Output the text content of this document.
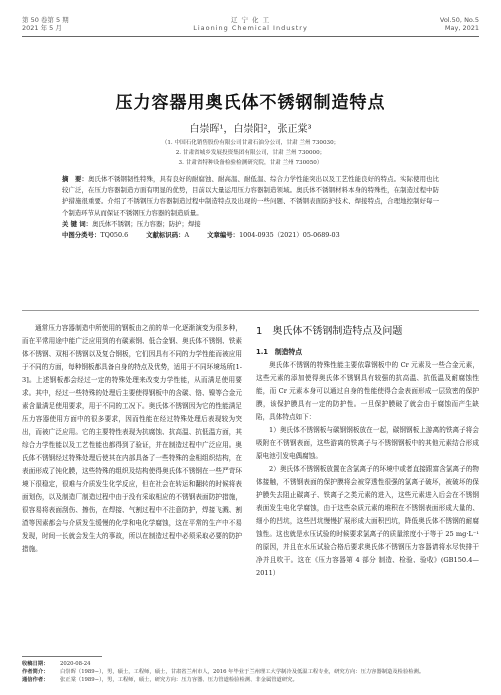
第 50 卷第 5 期
2021 年 5 月
辽 宁 化 工
Liaoning Chemical Industry
Vol.50, No.5
May, 2021
压力容器用奥氏体不锈钢制造特点
白崇晖¹，白崇阳²，张正棠³
（1. 中国石化销售股份有限公司甘肃石油分公司，甘肃 兰州 730030；
2. 甘肃省城乡发展投资集团有限公司，甘肃 兰州 730000；
3. 甘肃省特种设备检验检测研究院，甘肃 兰州 730050）
摘　要：奥氏体不锈钢韧性特殊，具有良好的耐腐蚀、耐高温、耐低温、综合力学性能突出以及工艺性能良好的特点。实际使用也比较广泛，在压力容器制造方面有明显的优势，目前以大量运用压力容器制造领域。奥氏体不锈钢材料本身的特殊性，在制造过程中防护措施很重要。介绍了不锈钢压力容器制造过程中制造特点及出现的一些问题、不锈钢表面防护技术、焊接特点，合理地控制好每一个制造环节从而保证不锈钢压力容器的制造质量。
关 键 词：奥氏体不锈钢；压力容器；防护；焊接
中图分类号：TQ050.6	文献标识码：A	文章编号：1004-0935（2021）05-0689-03
通常压力容器制造中所使用的钢板由之前的单一化逐渐演变为很多种，而在平常用途中能广泛应用到的有碳素钢、低合金钢、奥氏体不锈钢、铁素体不锈钢、双相不锈钢以及复合钢板，它们因具有不同的力学性能而被应用于不同的方面，每种钢板都具备自身的特点及优势，适用于不同环境场所[1-3]。上述钢板都会经过一定的特殊处理来改变力学性能，从而满足使用要求。其中，经过一些特殊的处理后主要使得钢板中的含碳、铬、镍等合金元素含量满足使用要求，用于不同的工况下。奥氏体不锈钢因为它的性能满足压力容器使用方面中的很多要求，因而性能在经过特殊处理后表现较为突出，而被广泛应用。它的主要特性表现为抗腐蚀、抗高温、抗低温方面，其综合力学性能以及工艺性能也都得到了验证，并在制造过程中广泛应用。奥氏体不锈钢经过特殊处理后使其在内部具备了一些特殊的金相组织结构，在表面形成了钝化膜，这些特殊的组织及结构使得奥氏体不锈钢在一些严苛环境下很稳定，很难与介质发生化学反应，但在社会在转运和翻转的时候将表面划伤，以及制造厂制造过程中由于没有采取相应的不锈钢表面防护措施，很容易将表面刮伤、擦伤，在焊接、气割过程中不注意防护，焊接飞溅、割渣等因素都会与介质发生缓慢的化学和电化学腐蚀，这在平常的生产中不易发现，时间一长就会发生大的事故，所以在制造过程中必须采取必要的防护措施。
1　奥氏体不锈钢制造特点及问题
1.1　制造特点
奥氏体不锈钢的特殊性能主要依靠钢板中的 Cr 元素及一些合金元素，这些元素的添加使得奥氏体不锈钢具有较强的抗高温、抗低温及耐腐蚀性能，而 Cr 元素本身可以通过自身的性能使得合金表面形成一层致密的保护膜，该保护膜具有一定的防护性。一旦保护膜破了就会由于腐蚀而产生缺陷，具体特点如下：
1）奥氏体不锈钢板与碳钢钢板放在一起，碳钢钢板上游离的铁离子将会吸附在不锈钢表面，这些游离的铁离子与不锈钢钢板中的其他元素结合形成原电池引发电偶腐蚀。
2）奥氏体不锈钢板放置在含氯离子的环境中或者直接跟富含氯离子的物体接触，不锈钢表面的保护膜将会被穿透性很强的氯离子破坏，被破坏的保护膜失去阻止碳离子、铁离子之类元素的进入，这些元素进入后会在不锈钢表面发生电化学腐蚀，由于这些杂质元素的堆积在不锈钢表面形成大量的、细小的凹坑，这些凹坑慢慢扩展形成大面积凹坑，降低奥氏体不锈钢的耐腐蚀性。这也就是水压试验的时候要求氯离子的质量浓度小于等于 25 mg·L⁻¹ 的原因，并且在水压试验合格后要求奥氏体不锈钢压力容器请将水尽快排干净并且吹干。这在《压力容器第 4 部分 制造、检验、验收》(GB150.4—2011）
收稿日期：	2020-08-24
作者简介：	白崇晖（1989−），男，硕士，工程师，硕士，甘肃省兰州市人，2016 年毕业于兰州理工大学制冷及低温工程专业，研究方向：压力容器制造及检验检测。
通信作者：	张正棠（1989−），男，工程师，硕士，研究方向：压力容器、压力管道检验检测、非金属管道研究。
